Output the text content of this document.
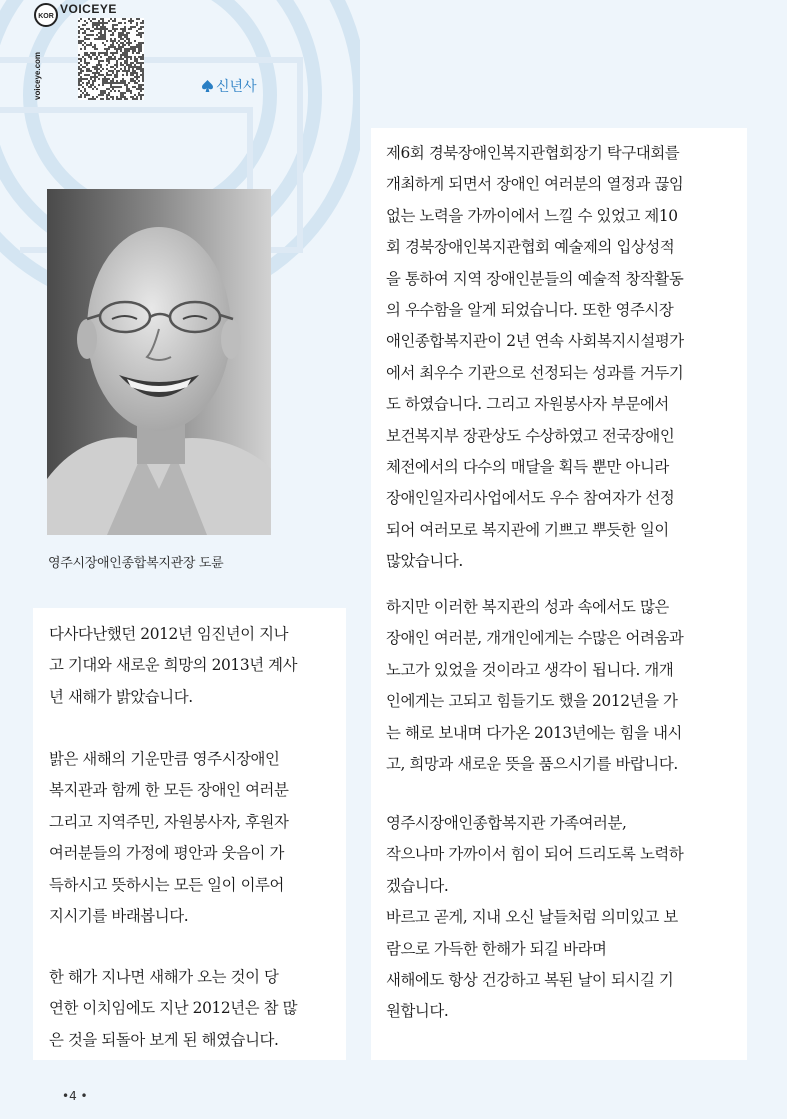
KOR
VOICEYE
voiceye.com	신년사
영주시장애인종합복지관장 도륜

다사다난했던 2012년 임진년이 지나
고 기대와 새로운 희망의 2013년 계사
년 새해가 밝았습니다.

밝은 새해의 기운만큼 영주시장애인
복지관과 함께 한 모든 장애인 여러분
그리고 지역주민, 자원봉사자, 후원자
여러분들의 가정에 평안과 웃음이 가
득하시고 뜻하시는 모든 일이 이루어
지시기를 바래봅니다.

한 해가 지나면 새해가 오는 것이 당
연한 이치임에도 지난 2012년은 참 많
은 것을 되돌아 보게 된 해였습니다.

제6회 경북장애인복지관협회장기 탁구대회를
개최하게 되면서 장애인 여러분의 열정과 끊임
없는 노력을 가까이에서 느낄 수 있었고 제10
회 경북장애인복지관협회 예술제의 입상성적
을 통하여 지역 장애인분들의 예술적 창작활동
의 우수함을 알게 되었습니다. 또한 영주시장
애인종합복지관이 2년 연속 사회복지시설평가
에서 최우수 기관으로 선정되는 성과를 거두기
도 하였습니다. 그리고 자원봉사자 부문에서
보건복지부 장관상도 수상하였고 전국장애인
체전에서의 다수의 매달을 획득 뿐만 아니라
장애인일자리사업에서도 우수 참여자가 선정
되어 여러모로 복지관에 기쁘고 뿌듯한 일이
많았습니다.

하지만 이러한 복지관의 성과 속에서도 많은
장애인 여러분, 개개인에게는 수많은 어려움과
노고가 있었을 것이라고 생각이 됩니다. 개개
인에게는 고되고 힘들기도 했을 2012년을 가
는 해로 보내며 다가온 2013년에는 힘을 내시
고, 희망과 새로운 뜻을 품으시기를 바랍니다.

영주시장애인종합복지관 가족여러분,
작으나마 가까이서 힘이 되어 드리도록 노력하
겠습니다.
바르고 곧게, 지내 오신 날들처럼 의미있고 보
람으로 가득한 한해가 되길 바라며
새해에도 항상 건강하고 복된 날이 되시길 기
원합니다.

•4 •
